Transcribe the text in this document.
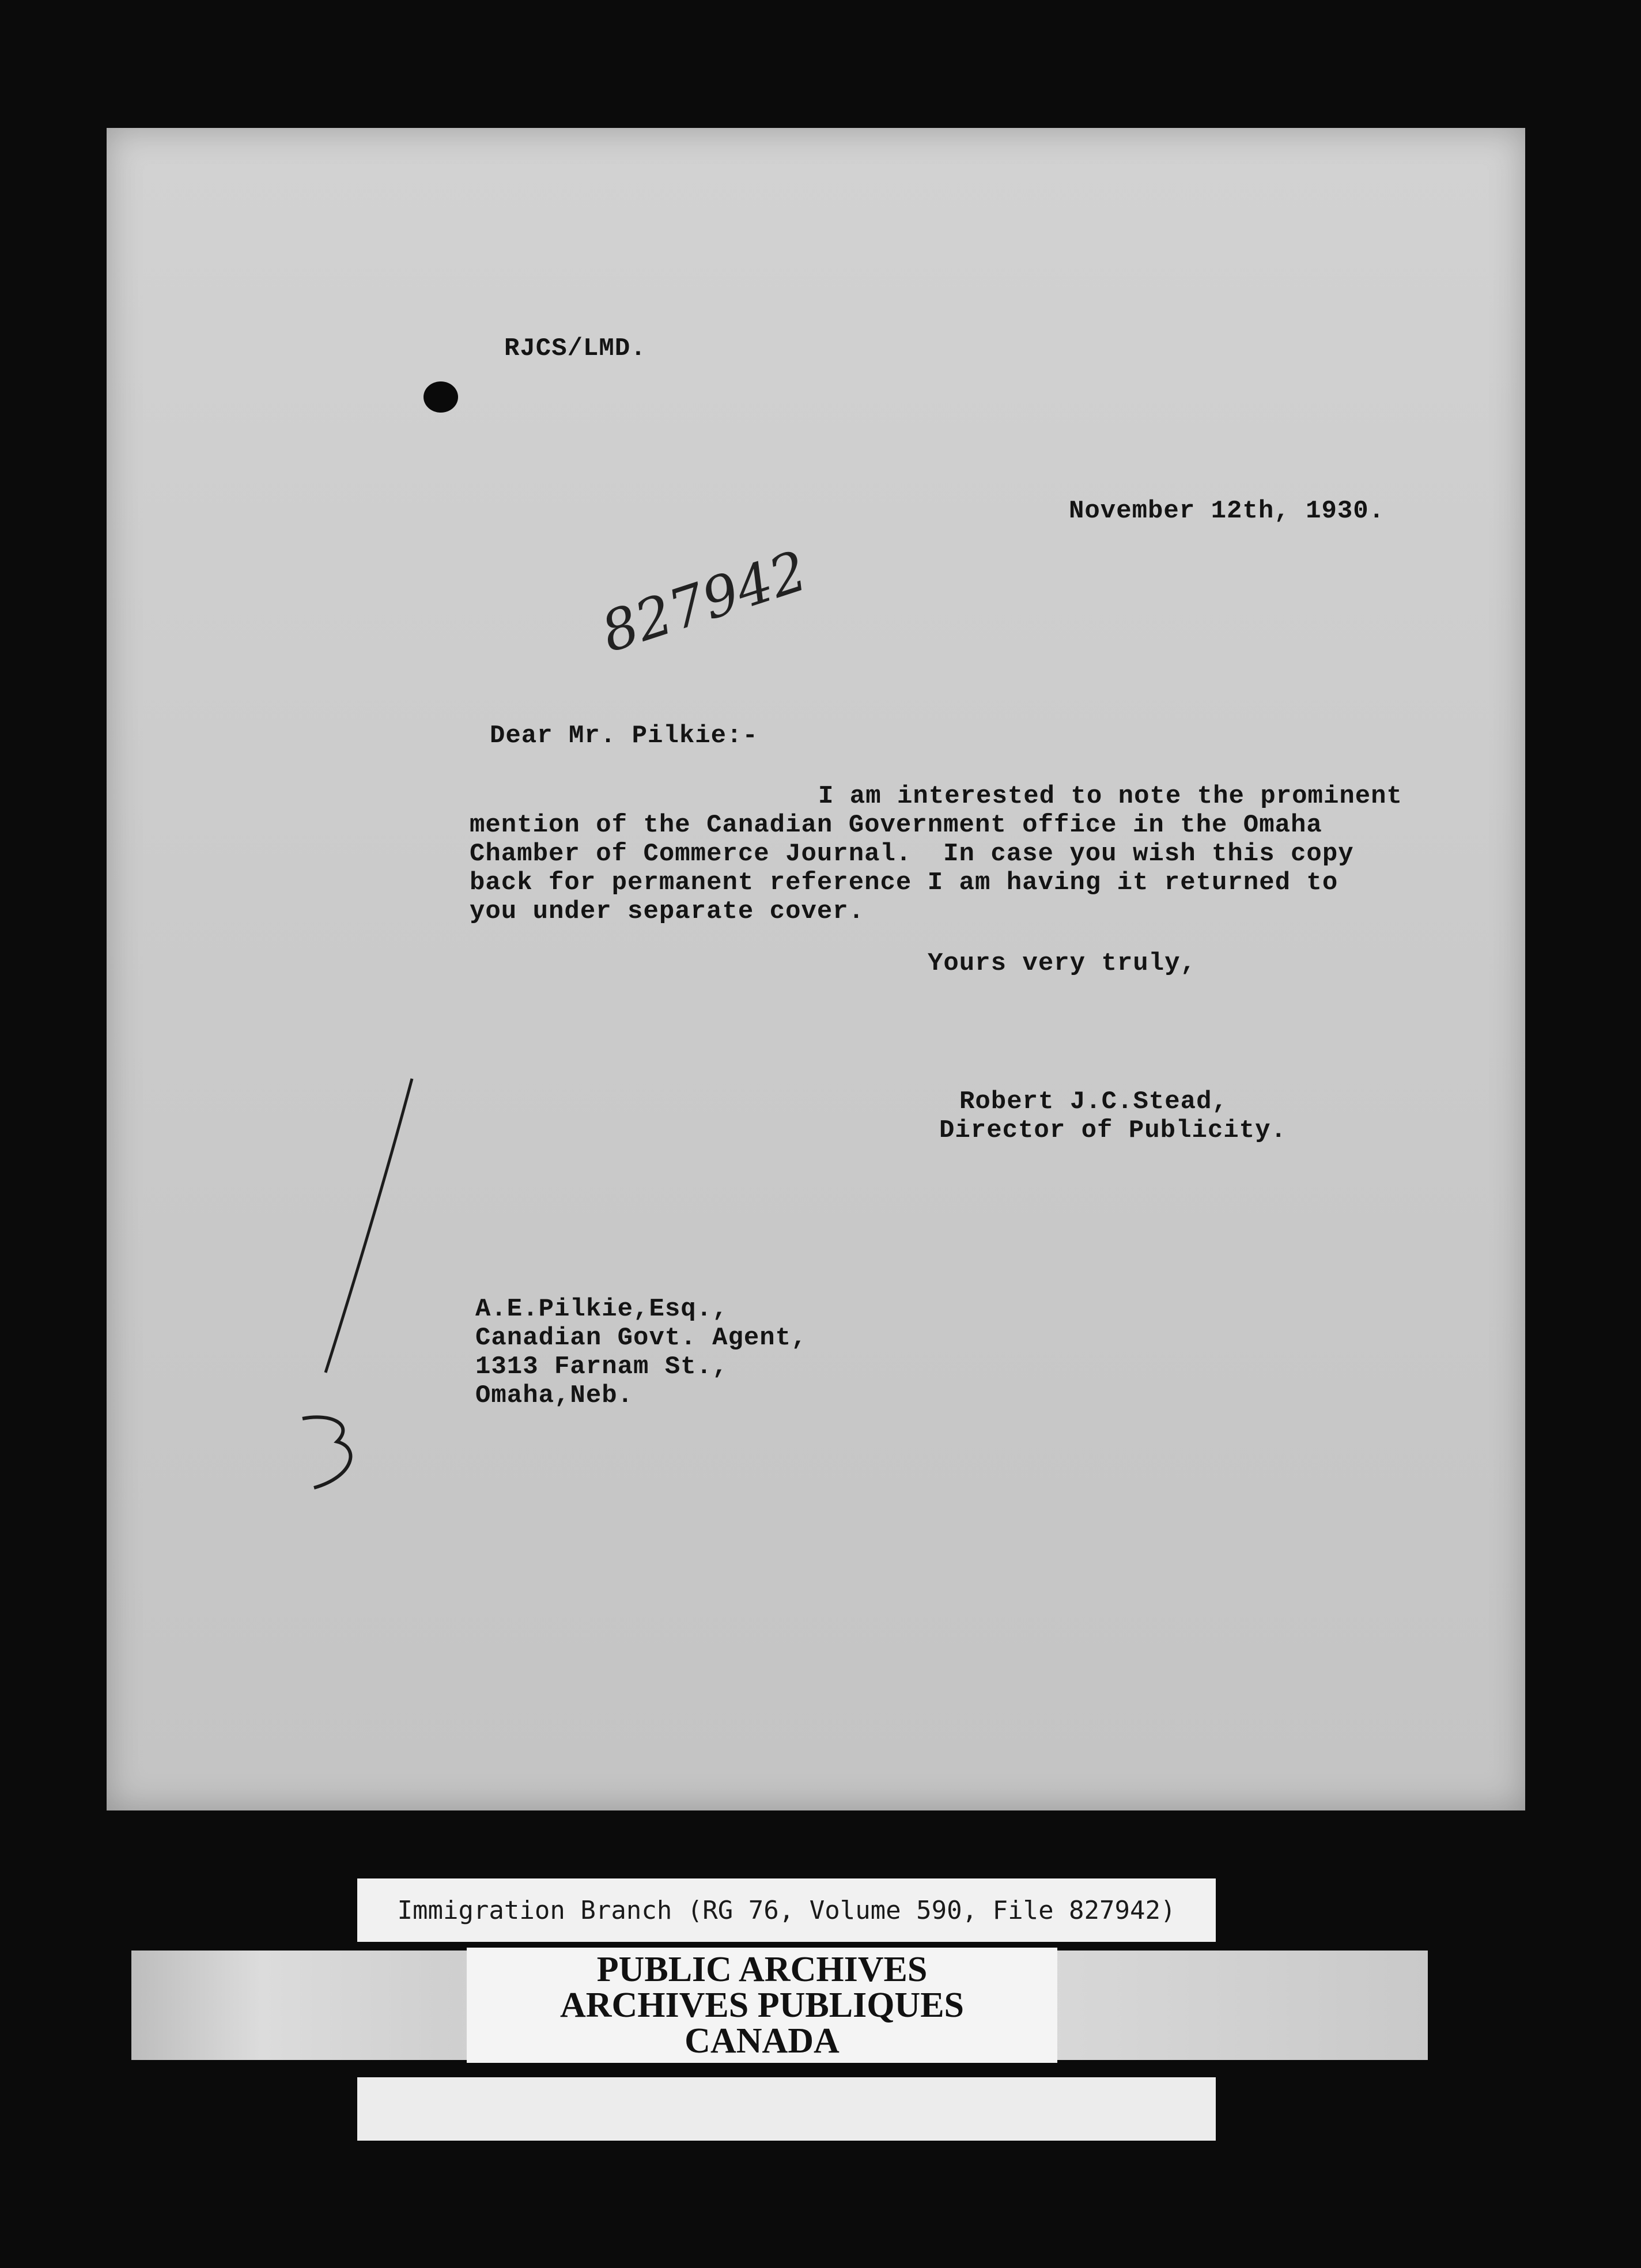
RJCS/LMD.
November 12th, 1930.
827942
Dear Mr. Pilkie:-
I am interested to note the prominent
mention of the Canadian Government office in the Omaha
Chamber of Commerce Journal.  In case you wish this copy
back for permanent reference I am having it returned to
you under separate cover.
Yours very truly,
Robert J.C.Stead,
Director of Publicity.
A.E.Pilkie,Esq.,
Canadian Govt. Agent,
1313 Farnam St.,
Omaha,Neb.
Immigration Branch (RG 76, Volume 590, File 827942)
PUBLIC ARCHIVES
ARCHIVES PUBLIQUES
CANADA
